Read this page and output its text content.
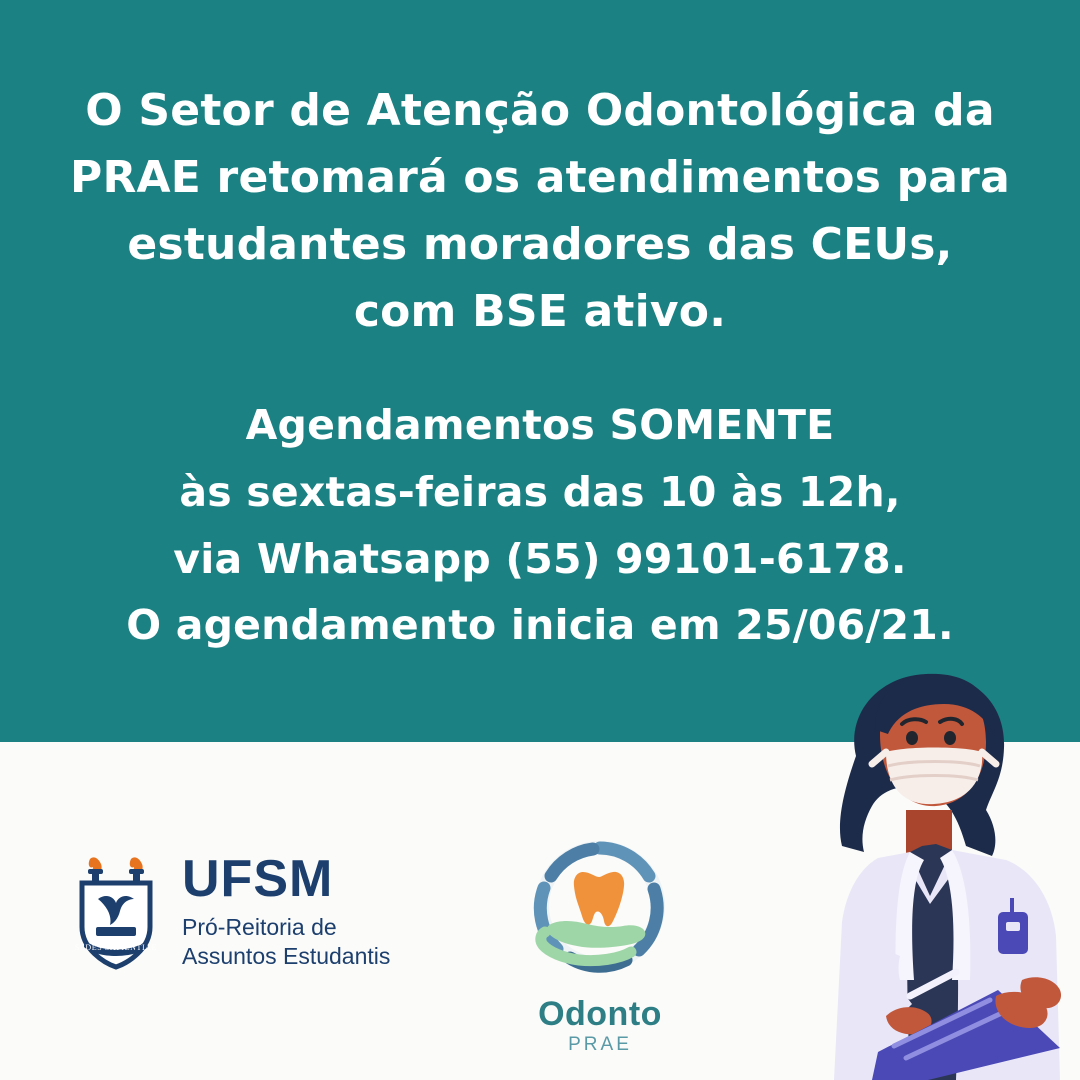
O Setor de Atenção Odontológica da
PRAE retomará os atendimentos para
estudantes moradores das CEUs,
com BSE ativo.
Agendamentos SOMENTE
às sextas-feiras das 10 às 12h,
via Whatsapp (55) 99101-6178.
O agendamento inicia em 25/06/21.
SEDES SAPIENTIAE
UFSM
Pró-Reitoria de
Assuntos Estudantis
Odonto
PRAE
